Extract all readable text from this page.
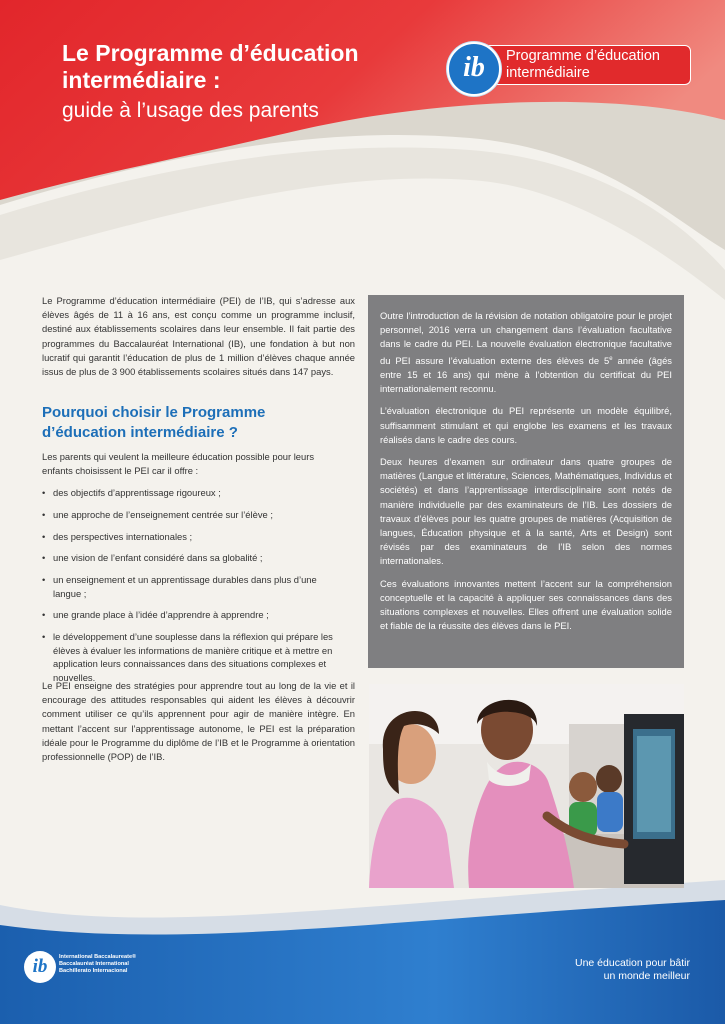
Le Programme d’éducation
intermédiaire :
guide à l’usage des parents
Programme d’éducation
intermédiaire
ib
Le Programme d’éducation intermédiaire (PEI) de l’IB, qui s’adresse aux élèves âgés de 11 à 16 ans, est conçu comme un programme inclusif, destiné aux établissements scolaires dans leur ensemble. Il fait partie des programmes du Baccalauréat International (IB), une fondation à but non lucratif qui garantit l’éducation de plus de 1 million d’élèves chaque année issus de plus de 3 900 établissements scolaires situés dans 147 pays.
Pourquoi choisir le Programme
d’éducation intermédiaire ?
Les parents qui veulent la meilleure éducation possible pour leurs enfants choisissent le PEI car il offre :
• des objectifs d’apprentissage rigoureux ;
• une approche de l’enseignement centrée sur l’élève ;
• des perspectives internationales ;
• une vision de l’enfant considéré dans sa globalité ;
• un enseignement et un apprentissage durables dans plus d’une langue ;
• une grande place à l’idée d’apprendre à apprendre ;
• le développement d’une souplesse dans la réflexion qui prépare les élèves à évaluer les informations de manière critique et à mettre en application leurs connaissances dans des situations complexes et nouvelles.
Le PEI enseigne des stratégies pour apprendre tout au long de la vie et il encourage des attitudes responsables qui aident les élèves à découvrir comment utiliser ce qu’ils apprennent pour agir de manière intègre. En mettant l’accent sur l’apprentissage autonome, le PEI est la préparation idéale pour le Programme du diplôme de l’IB et le Programme à orientation professionnelle (POP) de l’IB.

Outre l’introduction de la révision de notation obligatoire pour le projet personnel, 2016 verra un changement dans l’évaluation facultative dans le cadre du PEI. La nouvelle évaluation électronique facultative du PEI assure l’évaluation externe des élèves de 5e année (âgés entre 15 et 16 ans) qui mène à l’obtention du certificat du PEI internationalement reconnu.

L’évaluation électronique du PEI représente un modèle équilibré, suffisamment stimulant et qui englobe les examens et les travaux réalisés dans le cadre des cours.

Deux heures d’examen sur ordinateur dans quatre groupes de matières (Langue et littérature, Sciences, Mathématiques, Individus et sociétés) et dans l’apprentissage interdisciplinaire sont notés de manière individuelle par des examinateurs de l’IB. Les dossiers de travaux d’élèves pour les quatre groupes de matières (Acquisition de langues, Éducation physique et à la santé, Arts et Design) sont révisés par des examinateurs de l’IB selon des normes internationales.

Ces évaluations innovantes mettent l’accent sur la compréhension conceptuelle et la capacité à appliquer ses connaissances dans des situations complexes et nouvelles. Elles offrent une évaluation solide et fiable de la réussite des élèves dans le PEI.

ib	International Baccalaureate®
Baccalauréat International
Bachillerato Internacional
Une éducation pour bâtir
un monde meilleur
